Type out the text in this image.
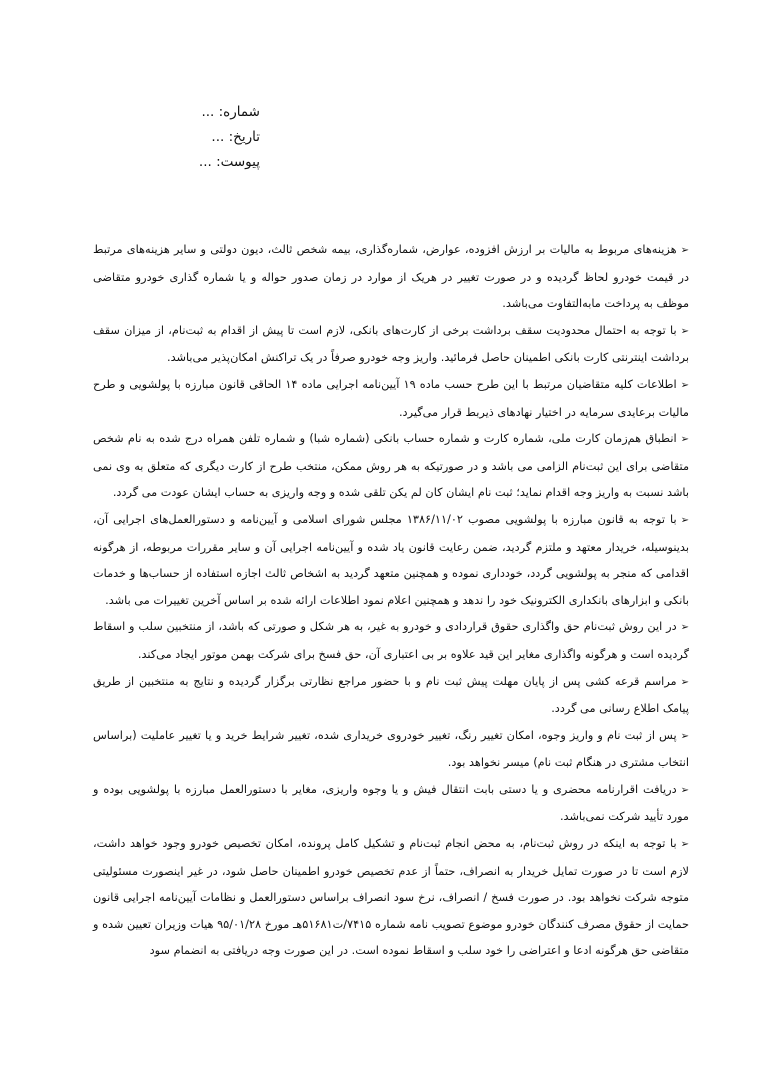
شماره: ...
تاریخ: ...
پیوست: ...

➢هزینه‌های مربوط به مالیات بر ارزش افزوده، عوارض، شماره‌گذاری، بیمه شخص ثالث، دیون دولتی و سایر هزینه‌های مرتبط در قیمت خودرو لحاظ گردیده و در صورت تغییر در هریک از موارد در زمان صدور حواله و یا شماره گذاری خودرو متقاضی موظف به پرداخت مابه‌التفاوت می‌باشد.

➢با توجه به احتمال محدودیت سقف برداشت برخی از کارت‌های بانکی، لازم است تا پیش از اقدام به ثبت‌نام، از میزان سقف برداشت اینترنتی کارت بانکی اطمینان حاصل فرمائید. واریز وجه خودرو صرفاً در یک تراکنش امکان‌پذیر می‌باشد.

➢اطلاعات کلیه متقاضیان مرتبط با این طرح حسب ماده ۱۹ آیین‌نامه اجرایی ماده ۱۴ الحاقی قانون مبارزه با پولشویی و طرح مالیات برعایدی سرمایه در اختیار نهادهای ذیربط قرار می‌گیرد.

➢انطباق هم‌زمان کارت ملی، شماره کارت و شماره حساب بانکی (شماره شبا) و شماره تلفن همراه درج شده به نام شخص متقاضی برای این ثبت‌نام الزامی می باشد و در صورتیکه به هر روش ممکن، منتخب طرح از کارت دیگری که متعلق به وی نمی باشد نسبت به واریز وجه اقدام نماید؛ ثبت نام ایشان کان لم یکن تلقی شده و وجه واریزی به حساب ایشان عودت می گردد.

➢با توجه به قانون مبارزه با پولشویی مصوب ۱۳۸۶/۱۱/۰۲ مجلس شورای اسلامی و آیین‌نامه و دستورالعمل‌های اجرایی آن، بدینوسیله، خریدار معتهد و ملتزم گردید، ضمن رعایت قانون یاد شده و آیین‌نامه اجرایی آن و سایر مقررات مربوطه، از هرگونه اقدامی که منجر به پولشویی گردد، خودداری نموده و همچنین متعهد گردید به اشخاص ثالث اجازه استفاده از حساب‌ها و خدمات بانکی و ابزارهای بانکداری الکترونیک خود را ندهد و همچنین اعلام نمود اطلاعات ارائه شده بر اساس آخرین تغییرات می باشد.

➢در این روش ثبت‌نام حق واگذاری حقوق قراردادی و خودرو به غیر، به هر شکل و صورتی که باشد، از منتخبین سلب و اسقاط گردیده است و هرگونه واگذاری مغایر این قید علاوه بر بی اعتباری آن، حق فسخ برای شرکت بهمن موتور ایجاد می‌کند.

➢مراسم قرعه کشی پس از پایان مهلت پیش ثبت نام و با حضور مراجع نظارتی برگزار گردیده و نتایج به منتخبین از طریق پیامک اطلاع رسانی می گردد.

➢پس از ثبت نام و واریز وجوه، امکان تغییر رنگ، تغییر خودروی خریداری شده، تغییر شرایط خرید و یا تغییر عاملیت (براساس انتخاب مشتری در هنگام ثبت نام) میسر نخواهد بود.

➢دریافت اقرارنامه محضری و یا دستی بابت انتقال فیش و یا وجوه واریزی، مغایر با دستورالعمل مبارزه با پولشویی بوده و مورد تأیید شرکت نمی‌باشد.

➢با توجه به اینکه در روش ثبت‌نام، به محض انجام ثبت‌نام و تشکیل کامل پرونده، امکان تخصیص خودرو وجود خواهد داشت، لازم است تا در صورت تمایل خریدار به انصراف، حتماً از عدم تخصیص خودرو اطمینان حاصل شود، در غیر اینصورت مسئولیتی متوجه شرکت نخواهد بود. در صورت فسخ / انصراف، نرخ سود انصراف براساس دستورالعمل و نظامات آیین‌نامه اجرایی قانون حمایت از حقوق مصرف کنندگان خودرو موضوع تصویب نامه شماره ۷۴۱۵/ت۵۱۶۸۱هـ مورخ ۹۵/۰۱/۲۸ هیات وزیران تعیین شده و متقاضی حق هرگونه ادعا و اعتراضی را خود سلب و اسقاط نموده است. در این صورت وجه دریافتی به انضمام سود
